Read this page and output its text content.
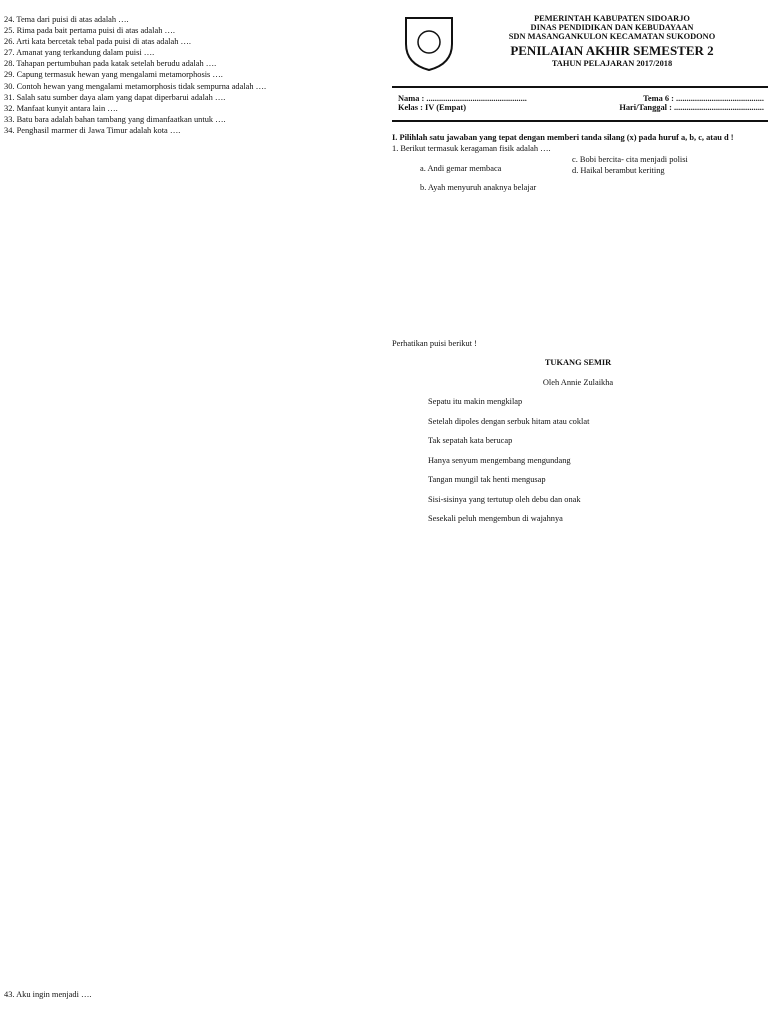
24. Tema dari puisi di atas adalah ….

25. Rima pada bait pertama puisi di atas adalah ….

26. Arti kata bercetak tebal pada puisi di atas adalah ….

27. Amanat yang terkandung dalam puisi ….

28. Tahapan pertumbuhan pada katak setelah berudu adalah ….

29. Capung termasuk hewan yang mengalami metamorphosis ….

30. Contoh hewan yang mengalami metamorphosis tidak sempurna adalah ….

31. Salah satu sumber daya alam yang dapat diperbarui adalah ….

32. Manfaat kunyit antara lain ….

33. Batu bara adalah bahan tambang yang dimanfaatkan untuk ….

34. Penghasil marmer di Jawa Timur adalah kota ….

PEMERINTAH KABUPATEN SIDOARJO
DINAS PENDIDIKAN DAN KEBUDAYAAN
SDN MASANGANKULON KECAMATAN SUKODONO
PENILAIAN AKHIR SEMESTER 2
TAHUN PELAJARAN 2017/2018
Nama : ................................................	Tema 6 : ..........................................
Kelas : IV (Empat)	Hari/Tanggal : ...........................................

I. Pilihlah satu jawaban yang tepat dengan memberi tanda silang (x) pada huruf a, b, c, atau d !

1. Berikut termasuk keragaman fisik adalah ….

a. Andi gemar membaca

b. Ayah menyuruh anaknya belajar

c. Bobi bercita- cita menjadi polisi

d. Haikal berambut keriting

Perhatikan puisi berikut !

TUKANG SEMIR

Oleh Annie Zulaikha

Sepatu itu makin mengkilap

Setelah dipoles dengan serbuk hitam atau coklat

Tak sepatah kata berucap

Hanya senyum mengembang mengundang

Tangan mungil tak henti mengusap

Sisi-sisinya yang tertutup oleh debu dan onak

Sesekali peluh mengembun di wajahnya

43. Aku ingin menjadi ….
